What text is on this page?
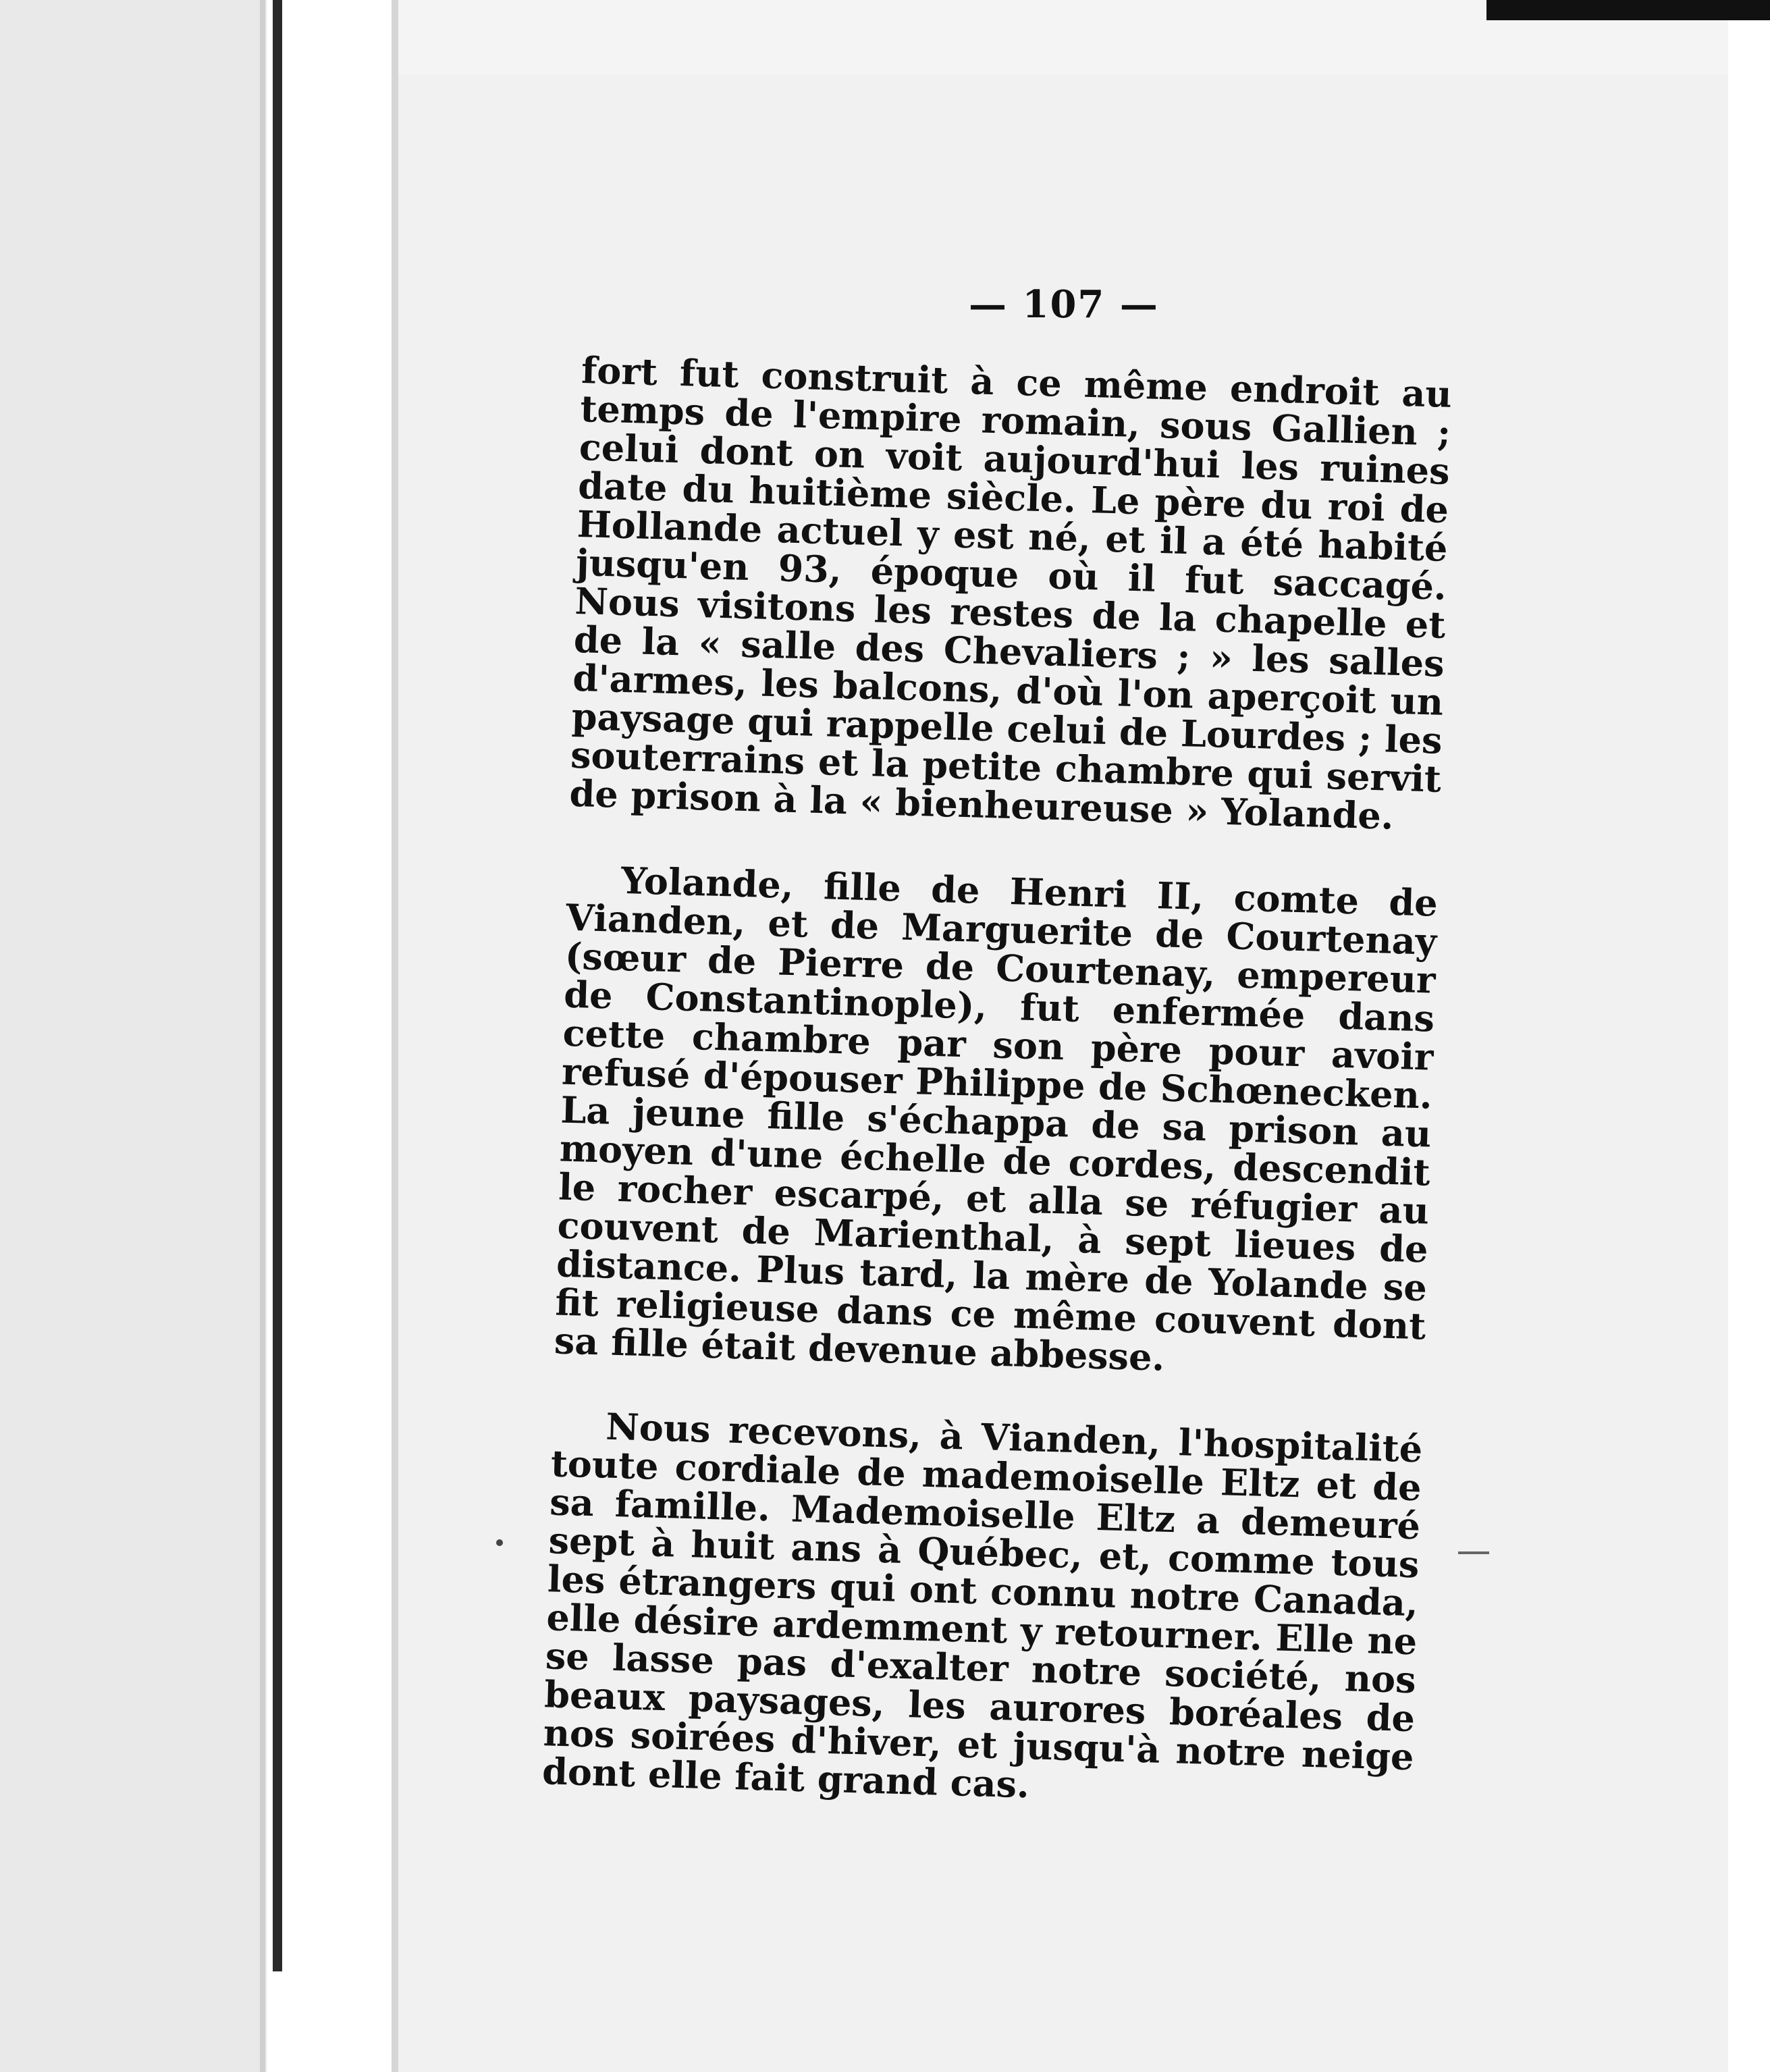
— 107 —

fort fut construit à ce même endroit au temps de l'empire romain, sous Gallien ; celui dont on voit aujourd'hui les ruines date du huitième siècle. Le père du roi de Hollande actuel y est né, et il a été habité jusqu'en 93, époque où il fut saccagé. Nous visitons les restes de la chapelle et de la « salle des Chevaliers ; » les salles d'armes, les balcons, d'où l'on aperçoit un paysage qui rappelle celui de Lourdes ; les souterrains et la petite chambre qui servit de prison à la « bienheureuse » Yolande.

Yolande, fille de Henri II, comte de Vianden, et de Marguerite de Courtenay (sœur de Pierre de Courtenay, empereur de Constantinople), fut enfermée dans cette chambre par son père pour avoir refusé d'épouser Philippe de Schœnecken. La jeune fille s'échappa de sa prison au moyen d'une échelle de cordes, descendit le rocher escarpé, et alla se réfugier au couvent de Marienthal, à sept lieues de distance. Plus tard, la mère de Yolande se fit religieuse dans ce même couvent dont sa fille était devenue abbesse.

Nous recevons, à Vianden, l'hospitalité toute cordiale de mademoiselle Eltz et de sa famille. Mademoiselle Eltz a demeuré sept à huit ans à Québec, et, comme tous les étrangers qui ont connu notre Canada, elle désire ardemment y retourner. Elle ne se lasse pas d'exalter notre société, nos beaux paysages, les aurores boréales de nos soirées d'hiver, et jusqu'à notre neige dont elle fait grand cas.
